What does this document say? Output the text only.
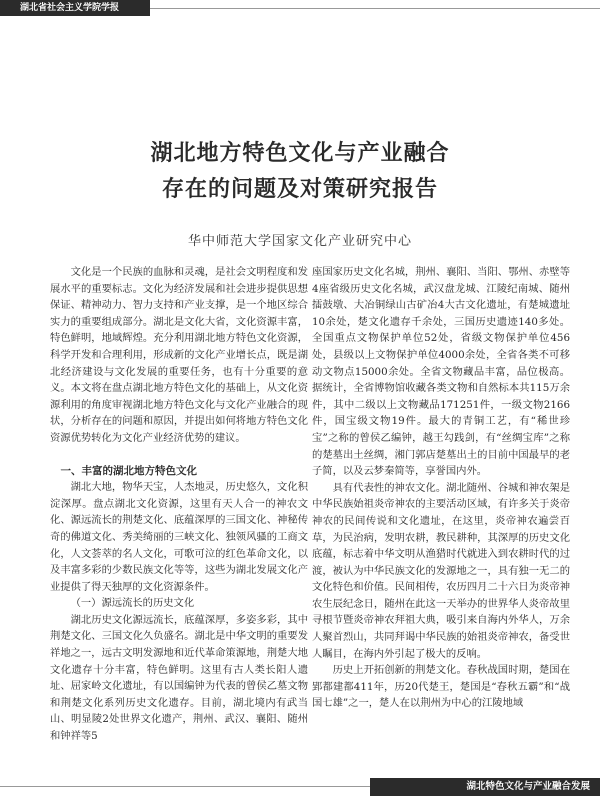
湖北省社会主义学院学报
湖北地方特色文化与产业融合
存在的问题及对策研究报告
华中师范大学国家文化产业研究中心

文化是一个民族的血脉和灵魂，是社会文明程度和发展水平的重要标志。文化为经济发展和社会进步提供思想保证、精神动力、智力支持和产业支撑，是一个地区综合实力的重要组成部分。湖北是文化大省，文化资源丰富，特色鲜明，地域辉煌。充分利用湖北地方特色文化资源，科学开发和合理利用，形成新的文化产业增长点，既是湖北经济建设与文化发展的重要任务，也有十分重要的意义。本文将在盘点湖北地方特色文化的基础上，从文化资源利用的角度审视湖北地方特色文化与文化产业融合的现状，分析存在的问题和原因，并提出如何将地方特色文化资源优势转化为文化产业经济优势的建议。

一、丰富的湖北地方特色文化

湖北大地，物华天宝，人杰地灵，历史悠久，文化积淀深厚。盘点湖北文化资源，这里有天人合一的神农文化、源远流长的荆楚文化、底蕴深厚的三国文化、神秘传奇的佛道文化、秀美绮丽的三峡文化、独领风骚的工商文化，人文荟萃的名人文化，可歌可泣的红色革命文化，以及丰富多彩的少数民族文化等等，这些为湖北发展文化产业提供了得天独厚的文化资源条件。

（一）源远流长的历史文化

湖北历史文化源远流长，底蕴深厚，多姿多彩，其中荆楚文化、三国文化久负盛名。湖北是中华文明的重要发祥地之一，远古文明发源地和近代革命策源地，荆楚大地文化遗存十分丰富，特色鲜明。这里有古人类长阳人遗址、屈家岭文化遗址，有以国编钟为代表的曾侯乙墓文物和荆楚文化系列历史文化遗存。目前，湖北境内有武当山、明显陵2处世界文化遗产，荆州、武汉、襄阳、随州和钟祥等5

座国家历史文化名城，荆州、襄阳、当阳、鄂州、赤壁等4座省级历史文化名城，武汉盘龙城、江陵纪南城、随州擂鼓墩、大冶铜绿山古矿冶4大古文化遗址，有楚城遗址10余处，楚文化遗存千余处，三国历史遗迹140多处。全国重点文物保护单位52处，省级文物保护单位456处，县级以上文物保护单位4000余处，全省各类不可移动文物点15000余处。全省文物藏品丰富，品位极高。据统计，全省博物馆收藏各类文物和自然标本共115万余件，其中二级以上文物藏品171251件，一级文物2166件，国宝级文物19件。最大的青铜工艺，有“稀世珍宝”之称的曾侯乙编钟，越王勾践剑，有“丝绸宝库”之称的楚墓出土丝绸，湘门郭店楚墓出土的目前中国最早的老子简，以及云梦秦简等，享誉国内外。

具有代表性的神农文化。湖北随州、谷城和神农架是中华民族始祖炎帝神农的主要活动区域，有许多关于炎帝神农的民间传说和文化遗址，在这里，炎帝神农遍尝百草，为民治病，发明农耕，教民耕种，其深厚的历史文化底蕴，标志着中华文明从渔猎时代就进入到农耕时代的过渡，被认为中华民族文化的发源地之一，具有独一无二的文化特色和价值。民间相传，农历四月二十六日为炎帝神农生辰纪念日，随州在此这一天举办的世界华人炎帝故里寻根节暨炎帝神农拜祖大典，吸引来自海内外华人，万余人聚首烈山，共同拜谒中华民族的始祖炎帝神农，备受世人瞩目，在海内外引起了极大的反响。

历史上开拓创新的荆楚文化。春秋战国时期，楚国在郢都建都411年，历20代楚王，楚国是“春秋五霸”和“战国七雄”之一，楚人在以荆州为中心的江陵地域

湖北特色文化与产业融合发展
